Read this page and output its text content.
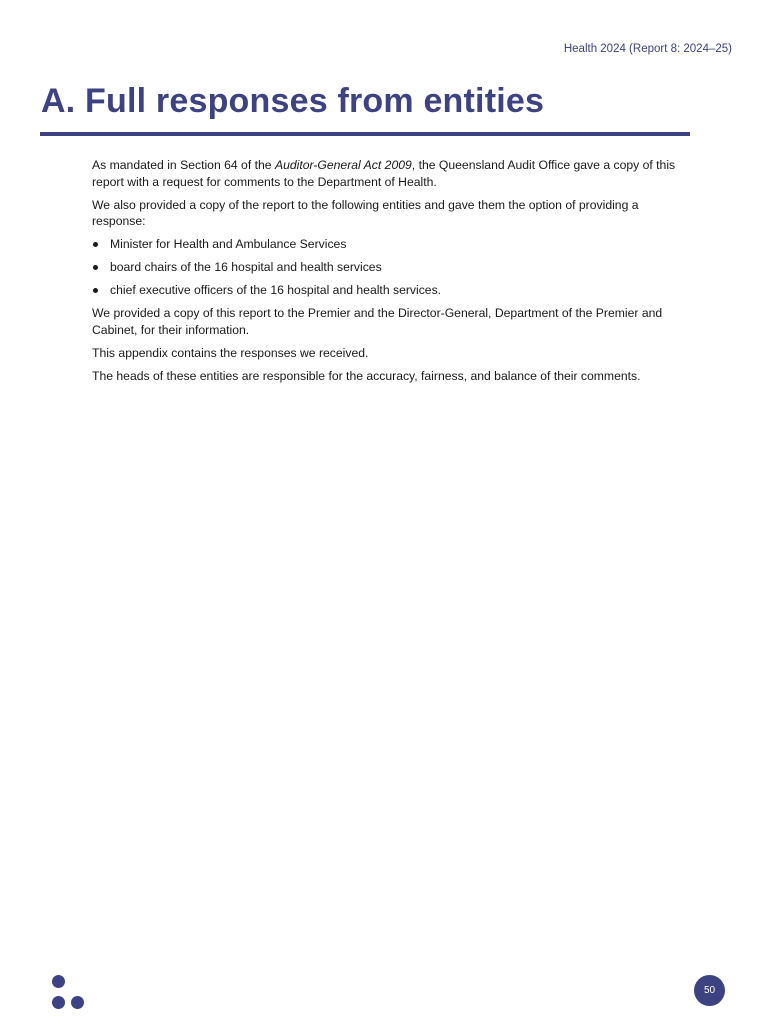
Health 2024 (Report 8: 2024–25)
A. Full responses from entities

As mandated in Section 64 of the Auditor-General Act 2009, the Queensland Audit Office gave a copy of this report with a request for comments to the Department of Health.

We also provided a copy of the report to the following entities and gave them the option of providing a response:

Minister for Health and Ambulance Services
board chairs of the 16 hospital and health services
chief executive officers of the 16 hospital and health services.

We provided a copy of this report to the Premier and the Director-General, Department of the Premier and Cabinet, for their information.

This appendix contains the responses we received.

The heads of these entities are responsible for the accuracy, fairness, and balance of their comments.

50
